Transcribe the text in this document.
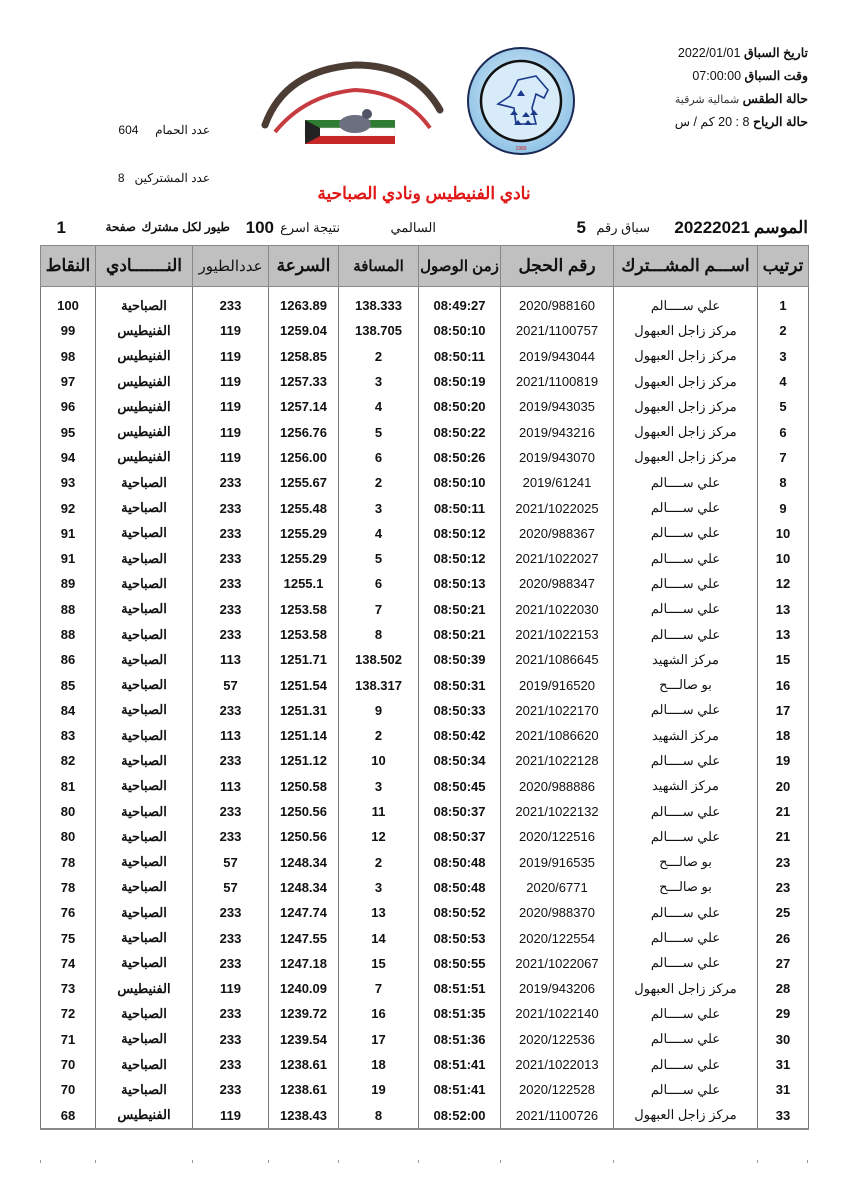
تاريخ السباق 2022/01/01
وقت السباق 07:00:00
حالة الطقس شمالية شرقية
حالة الرياح 8 : 20 كم / س
1989
عدد الحمام     604
عدد المشتركين   8
نادي الفنيطيس ونادي الصباحية
الموسم
20222021
سباق رقم
5
السالمي
نتيجة اسرع
100
طيور لكل مشترك
صفحة
1
ترتيب	اســـم المشـــترك	رقم الحجل	زمن الوصول	المسافة	السرعة	عددالطيور	النـــــــادي	النقاط
1	علي ســــالم	2020/988160	08:49:27	138.333	1263.89	233	الصباحية	100
2	مركز زاجل العبهول	2021/1100757	08:50:10	138.705	1259.04	119	الفنيطيس	99
3	مركز زاجل العبهول	2019/943044	08:50:11	2	1258.85	119	الفنيطيس	98
4	مركز زاجل العبهول	2021/1100819	08:50:19	3	1257.33	119	الفنيطيس	97
5	مركز زاجل العبهول	2019/943035	08:50:20	4	1257.14	119	الفنيطيس	96
6	مركز زاجل العبهول	2019/943216	08:50:22	5	1256.76	119	الفنيطيس	95
7	مركز زاجل العبهول	2019/943070	08:50:26	6	1256.00	119	الفنيطيس	94
8	علي ســــالم	2019/61241	08:50:10	2	1255.67	233	الصباحية	93
9	علي ســــالم	2021/1022025	08:50:11	3	1255.48	233	الصباحية	92
10	علي ســــالم	2020/988367	08:50:12	4	1255.29	233	الصباحية	91
10	علي ســــالم	2021/1022027	08:50:12	5	1255.29	233	الصباحية	91
12	علي ســــالم	2020/988347	08:50:13	6	1255.1	233	الصباحية	89
13	علي ســــالم	2021/1022030	08:50:21	7	1253.58	233	الصباحية	88
13	علي ســــالم	2021/1022153	08:50:21	8	1253.58	233	الصباحية	88
15	مركز الشهيد	2021/1086645	08:50:39	138.502	1251.71	113	الصباحية	86
16	بو صالـــح	2019/916520	08:50:31	138.317	1251.54	57	الصباحية	85
17	علي ســــالم	2021/1022170	08:50:33	9	1251.31	233	الصباحية	84
18	مركز الشهيد	2021/1086620	08:50:42	2	1251.14	113	الصباحية	83
19	علي ســــالم	2021/1022128	08:50:34	10	1251.12	233	الصباحية	82
20	مركز الشهيد	2020/988886	08:50:45	3	1250.58	113	الصباحية	81
21	علي ســــالم	2021/1022132	08:50:37	11	1250.56	233	الصباحية	80
21	علي ســــالم	2020/122516	08:50:37	12	1250.56	233	الصباحية	80
23	بو صالـــح	2019/916535	08:50:48	2	1248.34	57	الصباحية	78
23	بو صالـــح	2020/6771	08:50:48	3	1248.34	57	الصباحية	78
25	علي ســــالم	2020/988370	08:50:52	13	1247.74	233	الصباحية	76
26	علي ســــالم	2020/122554	08:50:53	14	1247.55	233	الصباحية	75
27	علي ســــالم	2021/1022067	08:50:55	15	1247.18	233	الصباحية	74
28	مركز زاجل العبهول	2019/943206	08:51:51	7	1240.09	119	الفنيطيس	73
29	علي ســــالم	2021/1022140	08:51:35	16	1239.72	233	الصباحية	72
30	علي ســــالم	2020/122536	08:51:36	17	1239.54	233	الصباحية	71
31	علي ســــالم	2021/1022013	08:51:41	18	1238.61	233	الصباحية	70
31	علي ســــالم	2020/122528	08:51:41	19	1238.61	233	الصباحية	70
33	مركز زاجل العبهول	2021/1100726	08:52:00	8	1238.43	119	الفنيطيس	68
